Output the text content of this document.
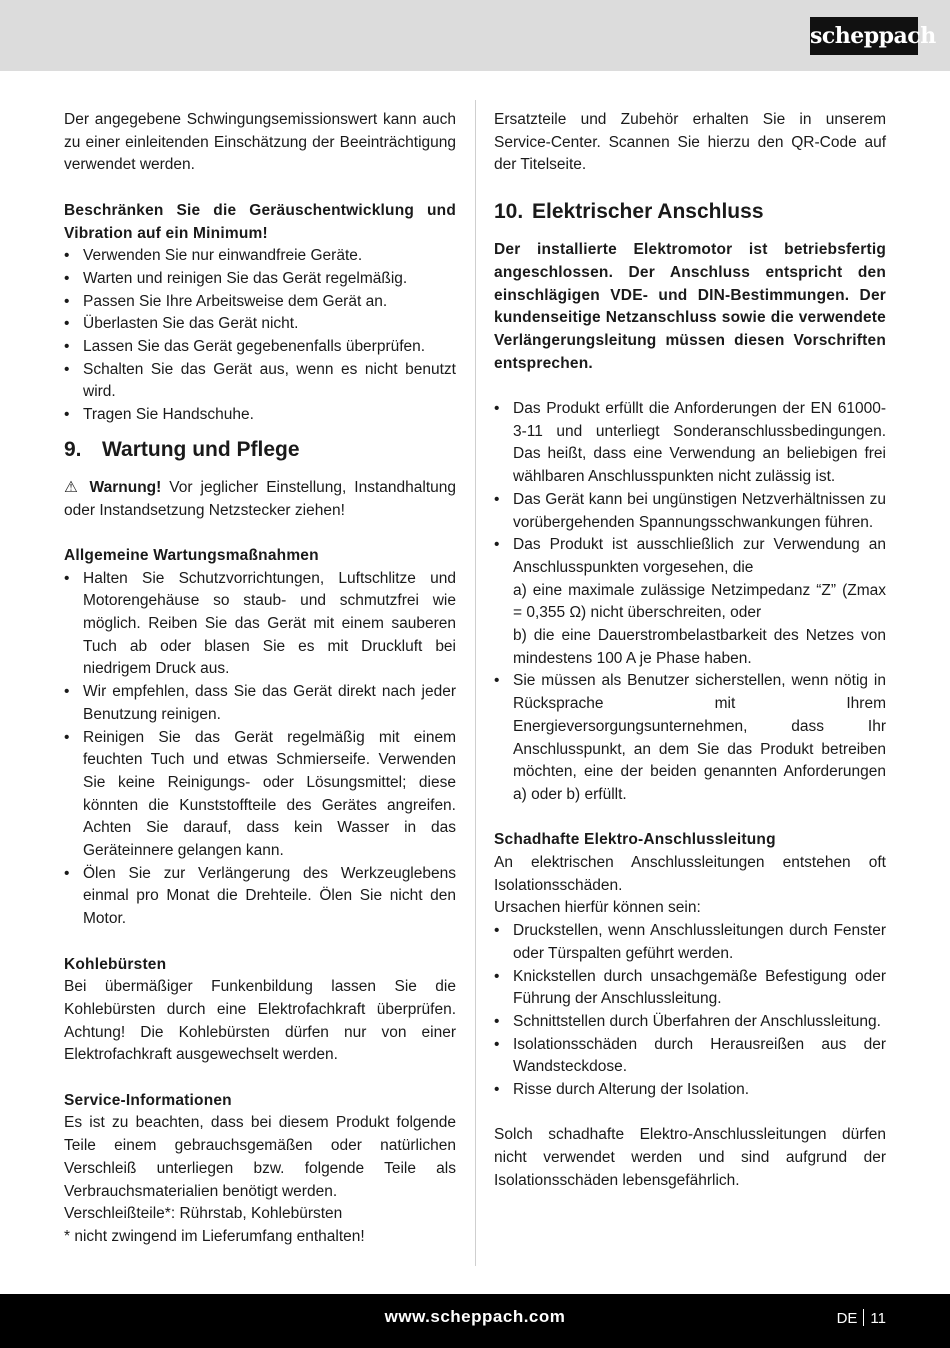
scheppach

Der angegebene Schwingungsemissionswert kann auch zu einer einleitenden Einschätzung der Beeinträchtigung verwendet werden.

Beschränken Sie die Geräuschentwicklung und Vibration auf ein Minimum!

• Verwenden Sie nur einwandfreie Geräte.
• Warten und reinigen Sie das Gerät regelmäßig.
• Passen Sie Ihre Arbeitsweise dem Gerät an.
• Überlasten Sie das Gerät nicht.
• Lassen Sie das Gerät gegebenenfalls überprüfen.
• Schalten Sie das Gerät aus, wenn es nicht benutzt wird.
• Tragen Sie Handschuhe.
9. Wartung und Pflege

⚠ Warnung! Vor jeglicher Einstellung, Instandhaltung oder Instandsetzung Netzstecker ziehen!

Allgemeine Wartungsmaßnahmen

• Halten Sie Schutzvorrichtungen, Luftschlitze und Motorengehäuse so staub- und schmutzfrei wie möglich. Reiben Sie das Gerät mit einem sauberen Tuch ab oder blasen Sie es mit Druckluft bei niedrigem Druck aus.
• Wir empfehlen, dass Sie das Gerät direkt nach jeder Benutzung reinigen.
• Reinigen Sie das Gerät regelmäßig mit einem feuchten Tuch und etwas Schmierseife. Verwenden Sie keine Reinigungs- oder Lösungsmittel; diese könnten die Kunststoffteile des Gerätes angreifen. Achten Sie darauf, dass kein Wasser in das Geräteinnere gelangen kann.
• Ölen Sie zur Verlängerung des Werkzeuglebens einmal pro Monat die Drehteile. Ölen Sie nicht den Motor.

Kohlebürsten

Bei übermäßiger Funkenbildung lassen Sie die Kohlebürsten durch eine Elektrofachkraft überprüfen. Achtung! Die Kohlebürsten dürfen nur von einer Elektrofachkraft ausgewechselt werden.

Service-Informationen

Es ist zu beachten, dass bei diesem Produkt folgende Teile einem gebrauchsgemäßen oder natürlichen Verschleiß unterliegen bzw. folgende Teile als Verbrauchsmaterialien benötigt werden.

Verschleißteile*: Rührstab, Kohlebürsten

* nicht zwingend im Lieferumfang enthalten!

Ersatzteile und Zubehör erhalten Sie in unserem Service-Center. Scannen Sie hierzu den QR-Code auf der Titelseite.

10. Elektrischer Anschluss

Der installierte Elektromotor ist betriebsfertig angeschlossen. Der Anschluss entspricht den einschlägigen VDE- und DIN-Bestimmungen. Der kundenseitige Netzanschluss sowie die verwendete Verlängerungsleitung müssen diesen Vorschriften entsprechen.

• Das Produkt erfüllt die Anforderungen der EN 61000-3-11 und unterliegt Sonderanschlussbedingungen. Das heißt, dass eine Verwendung an beliebigen frei wählbaren Anschlusspunkten nicht zulässig ist.
• Das Gerät kann bei ungünstigen Netzverhältnissen zu vorübergehenden Spannungsschwankungen führen.
• Das Produkt ist ausschließlich zur Verwendung an Anschlusspunkten vorgesehen, die
a) eine maximale zulässige Netzimpedanz “Z” (Zmax = 0,355 Ω) nicht überschreiten, oder
b) die eine Dauerstrombelastbarkeit des Netzes von mindestens 100 A je Phase haben.
• Sie müssen als Benutzer sicherstellen, wenn nötig in Rücksprache mit Ihrem Energieversorgungsunternehmen, dass Ihr Anschlusspunkt, an dem Sie das Produkt betreiben möchten, eine der beiden genannten Anforderungen a) oder b) erfüllt.

Schadhafte Elektro-Anschlussleitung

An elektrischen Anschlussleitungen entstehen oft Isolationsschäden.

Ursachen hierfür können sein:

• Druckstellen, wenn Anschlussleitungen durch Fenster oder Türspalten geführt werden.
• Knickstellen durch unsachgemäße Befestigung oder Führung der Anschlussleitung.
• Schnittstellen durch Überfahren der Anschlussleitung.
• Isolationsschäden durch Herausreißen aus der Wandsteckdose.
• Risse durch Alterung der Isolation.

Solch schadhafte Elektro-Anschlussleitungen dürfen nicht verwendet werden und sind aufgrund der Isolationsschäden lebensgefährlich.

www.scheppach.com	DE 11
